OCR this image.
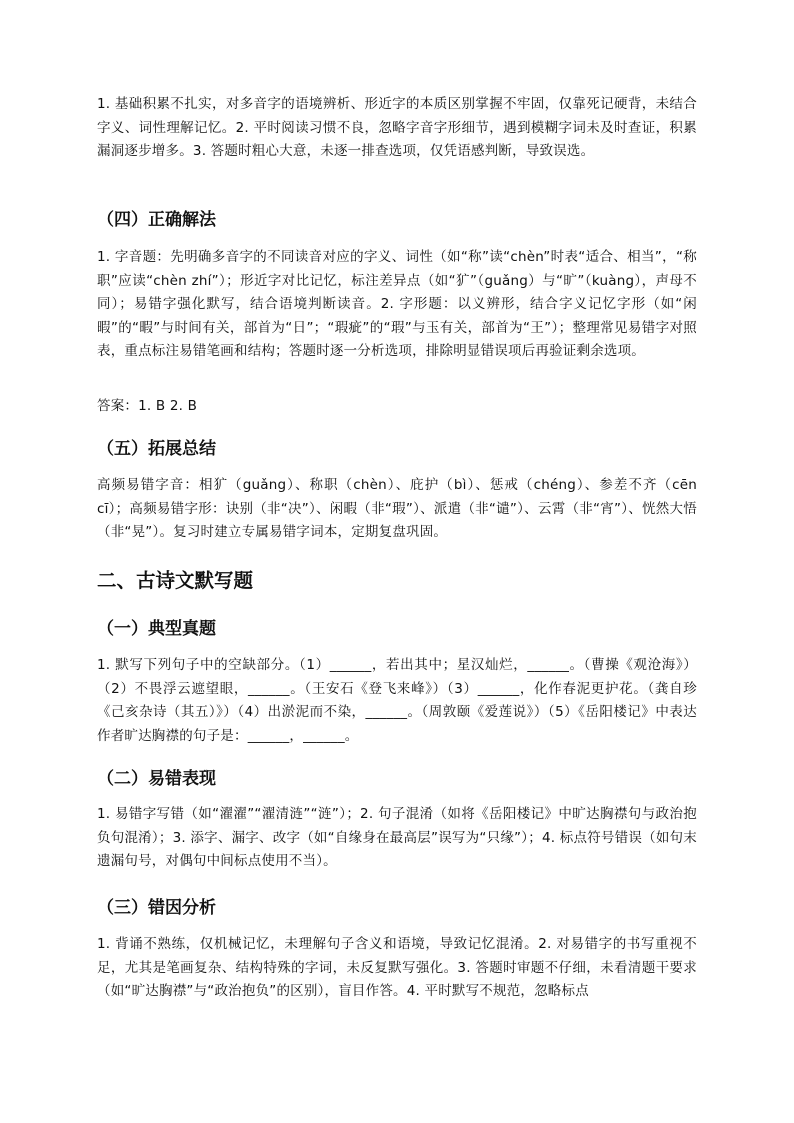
1. 基础积累不扎实，对多音字的语境辨析、形近字的本质区别掌握不牢固，仅靠死记硬背，未结合字义、词性理解记忆。2. 平时阅读习惯不良，忽略字音字形细节，遇到模糊字词未及时查证，积累漏洞逐步增多。3. 答题时粗心大意，未逐一排查选项，仅凭语感判断，导致误选。

（四）正确解法

1. 字音题：先明确多音字的不同读音对应的字义、词性（如“称”读“chèn”时表“适合、相当”，“称职”应读“chèn zhí”）；形近字对比记忆，标注差异点（如“犷”（guǎng）与“旷”（kuàng），声母不同）；易错字强化默写，结合语境判断读音。2. 字形题：以义辨形，结合字义记忆字形（如“闲暇”的“暇”与时间有关，部首为“日”；“瑕疵”的“瑕”与玉有关，部首为“王”）；整理常见易错字对照表，重点标注易错笔画和结构；答题时逐一分析选项，排除明显错误项后再验证剩余选项。

答案：1. B 2. B

（五）拓展总结

高频易错字音：相犷（guǎng）、称职（chèn）、庇护（bì）、惩戒（chéng）、参差不齐（cēn cī）；高频易错字形：诀别（非“决”）、闲暇（非“瑕”）、派遣（非“谴”）、云霄（非“宵”）、恍然大悟（非“晃”）。复习时建立专属易错字词本，定期复盘巩固。

二、古诗文默写题

（一）典型真题

1. 默写下列句子中的空缺部分。（1）______，若出其中；星汉灿烂，______。（曹操《观沧海》）（2）不畏浮云遮望眼，______。（王安石《登飞来峰》）（3）______，化作春泥更护花。（龚自珍《己亥杂诗（其五）》）（4）出淤泥而不染，______。（周敦颐《爱莲说》）（5）《岳阳楼记》中表达作者旷达胸襟的句子是：______，______。

（二）易错表现

1. 易错字写错（如“濯濯”“濯清涟”“涟”）；2. 句子混淆（如将《岳阳楼记》中旷达胸襟句与政治抱负句混淆）；3. 添字、漏字、改字（如“自缘身在最高层”误写为“只缘”）；4. 标点符号错误（如句末遗漏句号，对偶句中间标点使用不当）。

（三）错因分析

1. 背诵不熟练，仅机械记忆，未理解句子含义和语境，导致记忆混淆。2. 对易错字的书写重视不足，尤其是笔画复杂、结构特殊的字词，未反复默写强化。3. 答题时审题不仔细，未看清题干要求（如“旷达胸襟”与“政治抱负”的区别），盲目作答。4. 平时默写不规范，忽略标点
